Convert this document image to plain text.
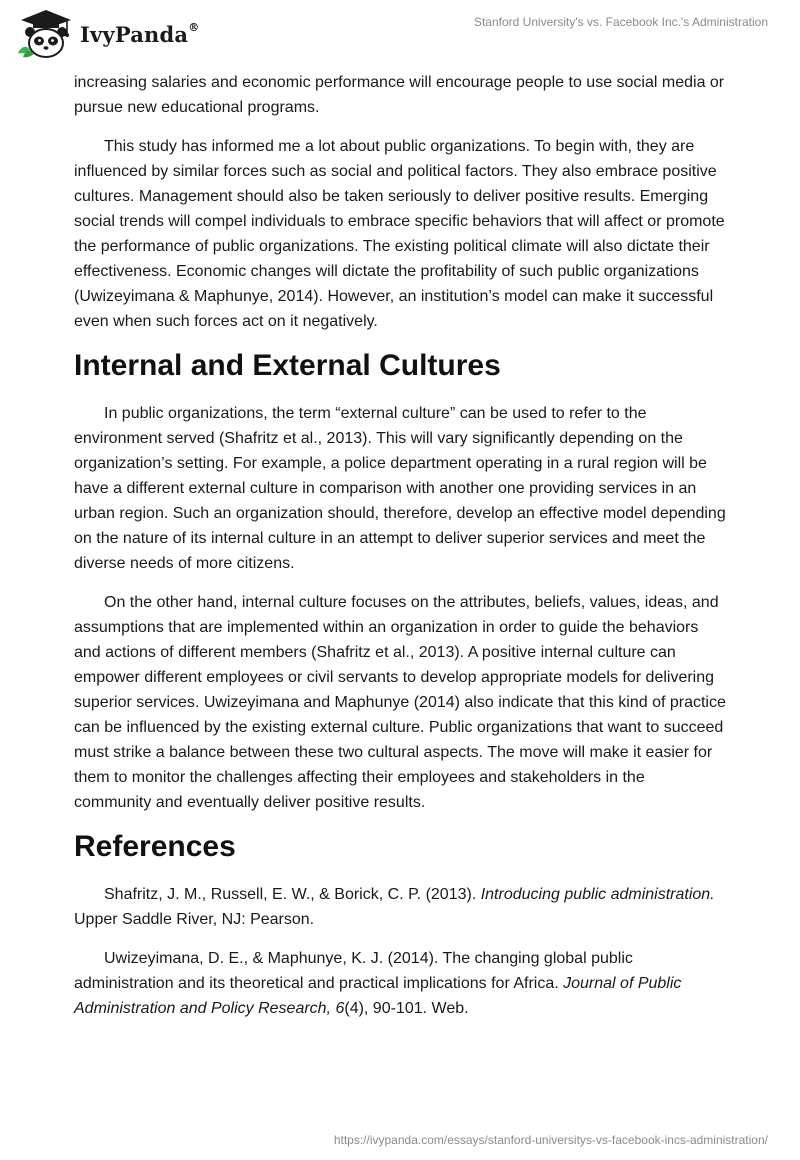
IvyPanda®	Stanford University's vs. Facebook Inc.'s Administration

increasing salaries and economic performance will encourage people to use social media or pursue new educational programs.

This study has informed me a lot about public organizations. To begin with, they are influenced by similar forces such as social and political factors. They also embrace positive cultures. Management should also be taken seriously to deliver positive results. Emerging social trends will compel individuals to embrace specific behaviors that will affect or promote the performance of public organizations. The existing political climate will also dictate their effectiveness. Economic changes will dictate the profitability of such public organizations (Uwizeyimana & Maphunye, 2014). However, an institution’s model can make it successful even when such forces act on it negatively.

Internal and External Cultures

In public organizations, the term “external culture” can be used to refer to the environment served (Shafritz et al., 2013). This will vary significantly depending on the organization’s setting. For example, a police department operating in a rural region will be have a different external culture in comparison with another one providing services in an urban region. Such an organization should, therefore, develop an effective model depending on the nature of its internal culture in an attempt to deliver superior services and meet the diverse needs of more citizens.

On the other hand, internal culture focuses on the attributes, beliefs, values, ideas, and assumptions that are implemented within an organization in order to guide the behaviors and actions of different members (Shafritz et al., 2013). A positive internal culture can empower different employees or civil servants to develop appropriate models for delivering superior services. Uwizeyimana and Maphunye (2014) also indicate that this kind of practice can be influenced by the existing external culture. Public organizations that want to succeed must strike a balance between these two cultural aspects. The move will make it easier for them to monitor the challenges affecting their employees and stakeholders in the community and eventually deliver positive results.

References

Shafritz, J. M., Russell, E. W., & Borick, C. P. (2013). Introducing public administration. Upper Saddle River, NJ: Pearson.

Uwizeyimana, D. E., & Maphunye, K. J. (2014). The changing global public administration and its theoretical and practical implications for Africa. Journal of Public Administration and Policy Research, 6(4), 90-101. Web.

https://ivypanda.com/essays/stanford-universitys-vs-facebook-incs-administration/
